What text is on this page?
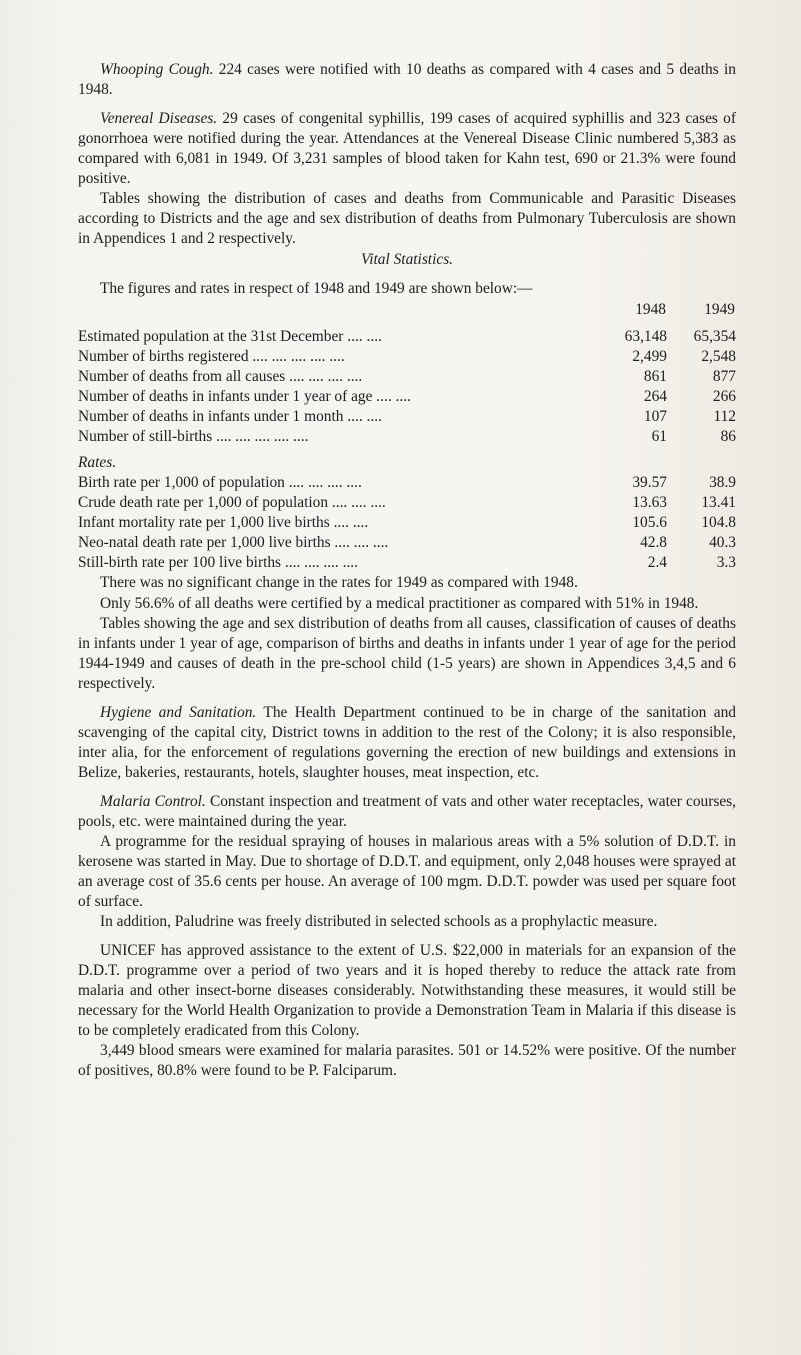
Whooping Cough. 224 cases were notified with 10 deaths as compared with 4 cases and 5 deaths in 1948.

Venereal Diseases. 29 cases of congenital syphillis, 199 cases of acquired syphillis and 323 cases of gonorrhoea were notified during the year. Attendances at the Venereal Disease Clinic numbered 5,383 as compared with 6,081 in 1949. Of 3,231 samples of blood taken for Kahn test, 690 or 21.3% were found positive.

Tables showing the distribution of cases and deaths from Communicable and Parasitic Diseases according to Districts and the age and sex distribution of deaths from Pulmonary Tuberculosis are shown in Appendices 1 and 2 respectively.

Vital Statistics.

The figures and rates in respect of 1948 and 1949 are shown below:—

	1948	1949

Estimated population at the 31st December .... ....	63,148	65,354
Number of births registered .... .... .... .... ....	2,499	2,548
Number of deaths from all causes .... .... .... ....	861	877
Number of deaths in infants under 1 year of age .... ....	264	266
Number of deaths in infants under 1 month .... ....	107	112
Number of still-births .... .... .... .... ....	61	86
Rates.		
Birth rate per 1,000 of population .... .... .... ....	39.57	38.9
Crude death rate per 1,000 of population .... .... ....	13.63	13.41
Infant mortality rate per 1,000 live births .... ....	105.6	104.8
Neo-natal death rate per 1,000 live births .... .... ....	42.8	40.3
Still-birth rate per 100 live births .... .... .... ....	2.4	3.3

There was no significant change in the rates for 1949 as compared with 1948.

Only 56.6% of all deaths were certified by a medical practitioner as compared with 51% in 1948.

Tables showing the age and sex distribution of deaths from all causes, classification of causes of deaths in infants under 1 year of age, comparison of births and deaths in infants under 1 year of age for the period 1944-1949 and causes of death in the pre-school child (1-5 years) are shown in Appendices 3,4,5 and 6 respectively.

Hygiene and Sanitation. The Health Department continued to be in charge of the sanitation and scavenging of the capital city, District towns in addition to the rest of the Colony; it is also responsible, inter alia, for the enforcement of regulations governing the erection of new buildings and extensions in Belize, bakeries, restaurants, hotels, slaughter houses, meat inspection, etc.

Malaria Control. Constant inspection and treatment of vats and other water receptacles, water courses, pools, etc. were maintained during the year.

A programme for the residual spraying of houses in malarious areas with a 5% solution of D.D.T. in kerosene was started in May. Due to shortage of D.D.T. and equipment, only 2,048 houses were sprayed at an average cost of 35.6 cents per house. An average of 100 mgm. D.D.T. powder was used per square foot of surface.

In addition, Paludrine was freely distributed in selected schools as a prophylactic measure.

UNICEF has approved assistance to the extent of U.S. $22,000 in materials for an expansion of the D.D.T. programme over a period of two years and it is hoped thereby to reduce the attack rate from malaria and other insect-borne diseases considerably. Notwithstanding these measures, it would still be necessary for the World Health Organization to provide a Demonstration Team in Malaria if this disease is to be completely eradicated from this Colony.

3,449 blood smears were examined for malaria parasites. 501 or 14.52% were positive. Of the number of positives, 80.8% were found to be P. Falciparum.
